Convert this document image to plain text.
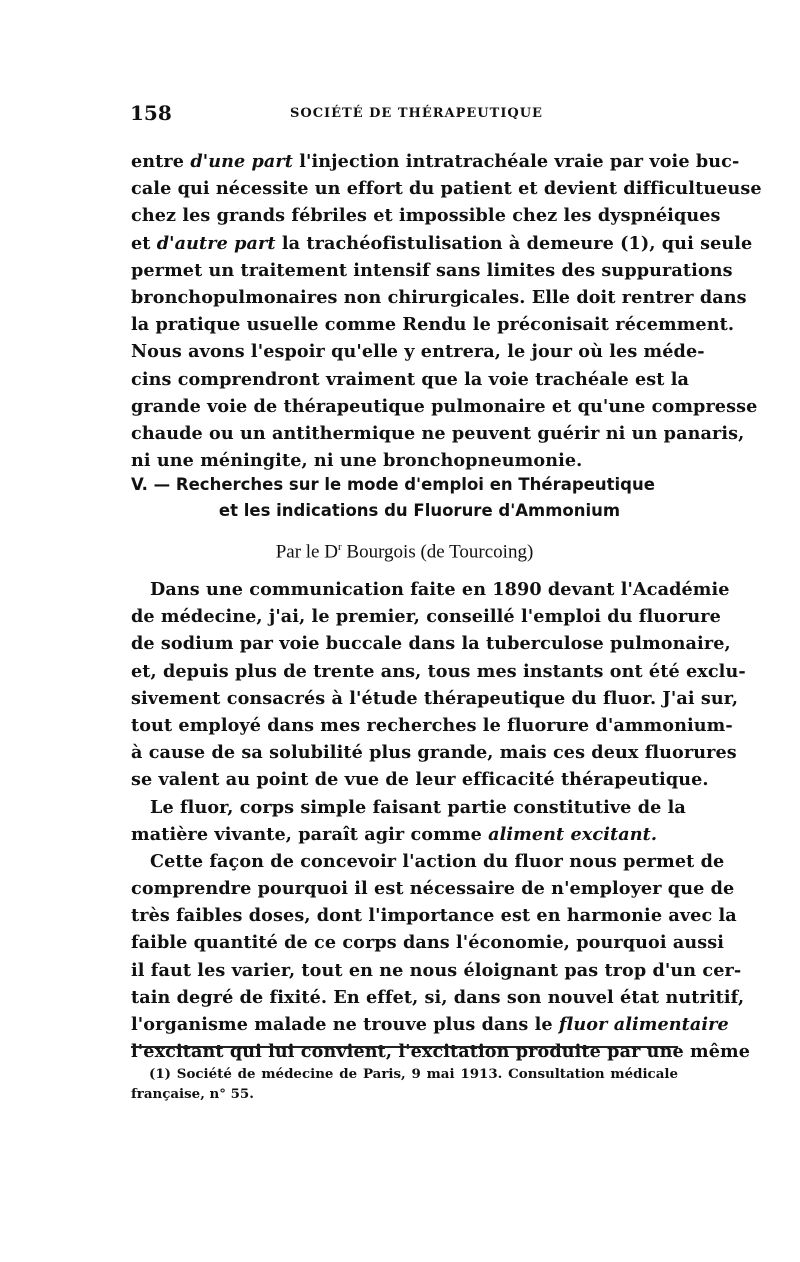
158	SOCIÉTÉ DE THÉRAPEUTIQUE
entre d'une part l'injection intratrachéale vraie par voie buc-
cale qui nécessite un effort du patient et devient difficultueuse
chez les grands fébriles et impossible chez les dyspnéiques
et d'autre part la trachéofistulisation à demeure (1), qui seule
permet un traitement intensif sans limites des suppurations
bronchopulmonaires non chirurgicales. Elle doit rentrer dans
la pratique usuelle comme Rendu le préconisait récemment.
Nous avons l'espoir qu'elle y entrera, le jour où les méde-
cins comprendront vraiment que la voie trachéale est la
grande voie de thérapeutique pulmonaire et qu'une compresse
chaude ou un antithermique ne peuvent guérir ni un panaris,
ni une méningite, ni une bronchopneumonie.
V. — Recherches sur le mode d'emploi en Thérapeutique
et les indications du Fluorure d'Ammonium
Par le $D^r$ Bourgois (de Tourcoing)
Dans une communication faite en 1890 devant l'Académie
de médecine, j'ai, le premier, conseillé l'emploi du fluorure
de sodium par voie buccale dans la tuberculose pulmonaire,
et, depuis plus de trente ans, tous mes instants ont été exclu-
sivement consacrés à l'étude thérapeutique du fluor. J'ai sur,
tout employé dans mes recherches le fluorure d'ammonium-
à cause de sa solubilité plus grande, mais ces deux fluorures
se valent au point de vue de leur efficacité thérapeutique.
Le fluor, corps simple faisant partie constitutive de la
matière vivante, paraît agir comme aliment excitant.
Cette façon de concevoir l'action du fluor nous permet de
comprendre pourquoi il est nécessaire de n'employer que de
très faibles doses, dont l'importance est en harmonie avec la
faible quantité de ce corps dans l'économie, pourquoi aussi
il faut les varier, tout en ne nous éloignant pas trop d'un cer-
tain degré de fixité. En effet, si, dans son nouvel état nutritif,
l'organisme malade ne trouve plus dans le fluor alimentaire
l'excitant qui lui convient, l'excitation produite par une même
(1) Société de médecine de Paris, 9 mai 1913. Consultation médicale
française, n° 55.
